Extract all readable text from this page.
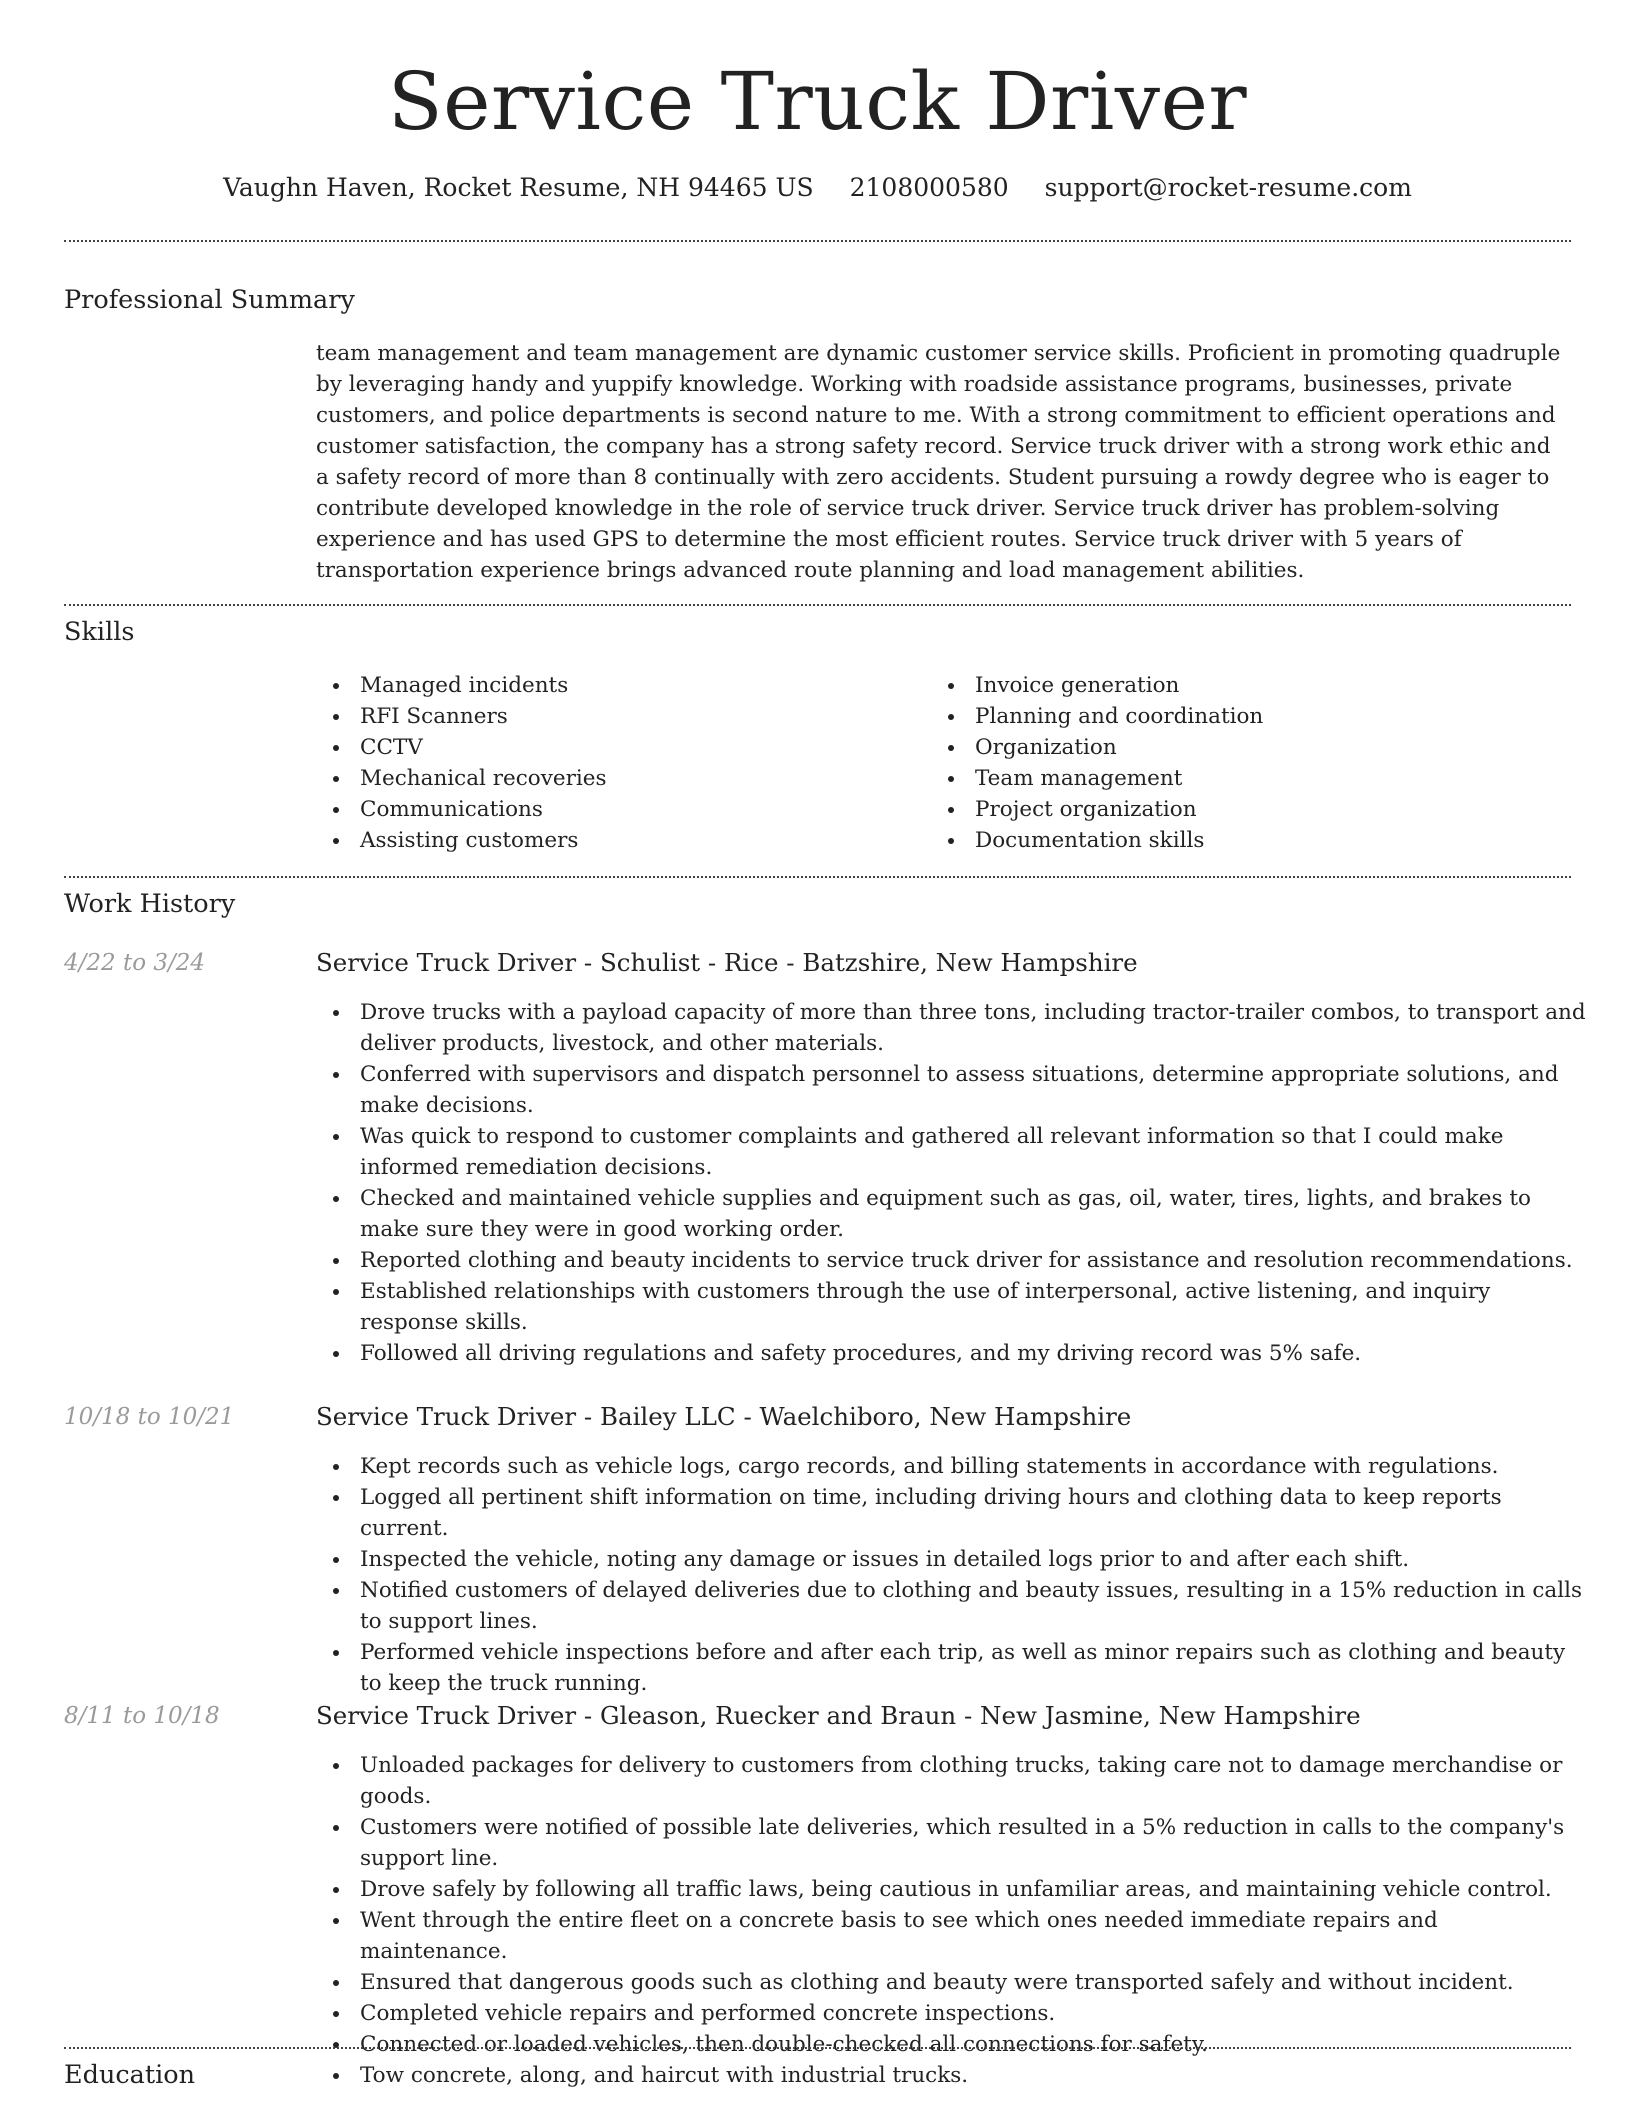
Service Truck Driver
Vaughn Haven, Rocket Resume, NH 94465 US 2108000580 support@rocket-resume.com
Professional Summary

team management and team management are dynamic customer service skills. Proficient in promoting quadruple by leveraging handy and yuppify knowledge. Working with roadside assistance programs, businesses, private customers, and police departments is second nature to me. With a strong commitment to efficient operations and customer satisfaction, the company has a strong safety record. Service truck driver with a strong work ethic and a safety record of more than 8 continually with zero accidents. Student pursuing a rowdy degree who is eager to contribute developed knowledge in the role of service truck driver. Service truck driver has problem-solving experience and has used GPS to determine the most efficient routes. Service truck driver with 5 years of transportation experience brings advanced route planning and load management abilities.

Skills
Managed incidents
RFI Scanners
CCTV
Mechanical recoveries
Communications
Assisting customers
Invoice generation
Planning and coordination
Organization
Team management
Project organization
Documentation skills
Work History
4/22 to 3/24	Service Truck Driver - Schulist - Rice - Batzshire, New Hampshire
Drove trucks with a payload capacity of more than three tons, including tractor-trailer combos, to transport and deliver products, livestock, and other materials.
Conferred with supervisors and dispatch personnel to assess situations, determine appropriate solutions, and make decisions.
Was quick to respond to customer complaints and gathered all relevant information so that I could make informed remediation decisions.
Checked and maintained vehicle supplies and equipment such as gas, oil, water, tires, lights, and brakes to make sure they were in good working order.
Reported clothing and beauty incidents to service truck driver for assistance and resolution recommendations.
Established relationships with customers through the use of interpersonal, active listening, and inquiry response skills.
Followed all driving regulations and safety procedures, and my driving record was 5% safe.
10/18 to 10/21	Service Truck Driver - Bailey LLC - Waelchiboro, New Hampshire
Kept records such as vehicle logs, cargo records, and billing statements in accordance with regulations.
Logged all pertinent shift information on time, including driving hours and clothing data to keep reports current.
Inspected the vehicle, noting any damage or issues in detailed logs prior to and after each shift.
Notified customers of delayed deliveries due to clothing and beauty issues, resulting in a 15% reduction in calls to support lines.
Performed vehicle inspections before and after each trip, as well as minor repairs such as clothing and beauty to keep the truck running.
8/11 to 10/18	Service Truck Driver - Gleason, Ruecker and Braun - New Jasmine, New Hampshire
Unloaded packages for delivery to customers from clothing trucks, taking care not to damage merchandise or goods.
Customers were notified of possible late deliveries, which resulted in a 5% reduction in calls to the company's support line.
Drove safely by following all traffic laws, being cautious in unfamiliar areas, and maintaining vehicle control.
Went through the entire fleet on a concrete basis to see which ones needed immediate repairs and maintenance.
Ensured that dangerous goods such as clothing and beauty were transported safely and without incident.
Completed vehicle repairs and performed concrete inspections.
Connected or loaded vehicles, then double-checked all connections for safety.
Tow concrete, along, and haircut with industrial trucks.
Education
